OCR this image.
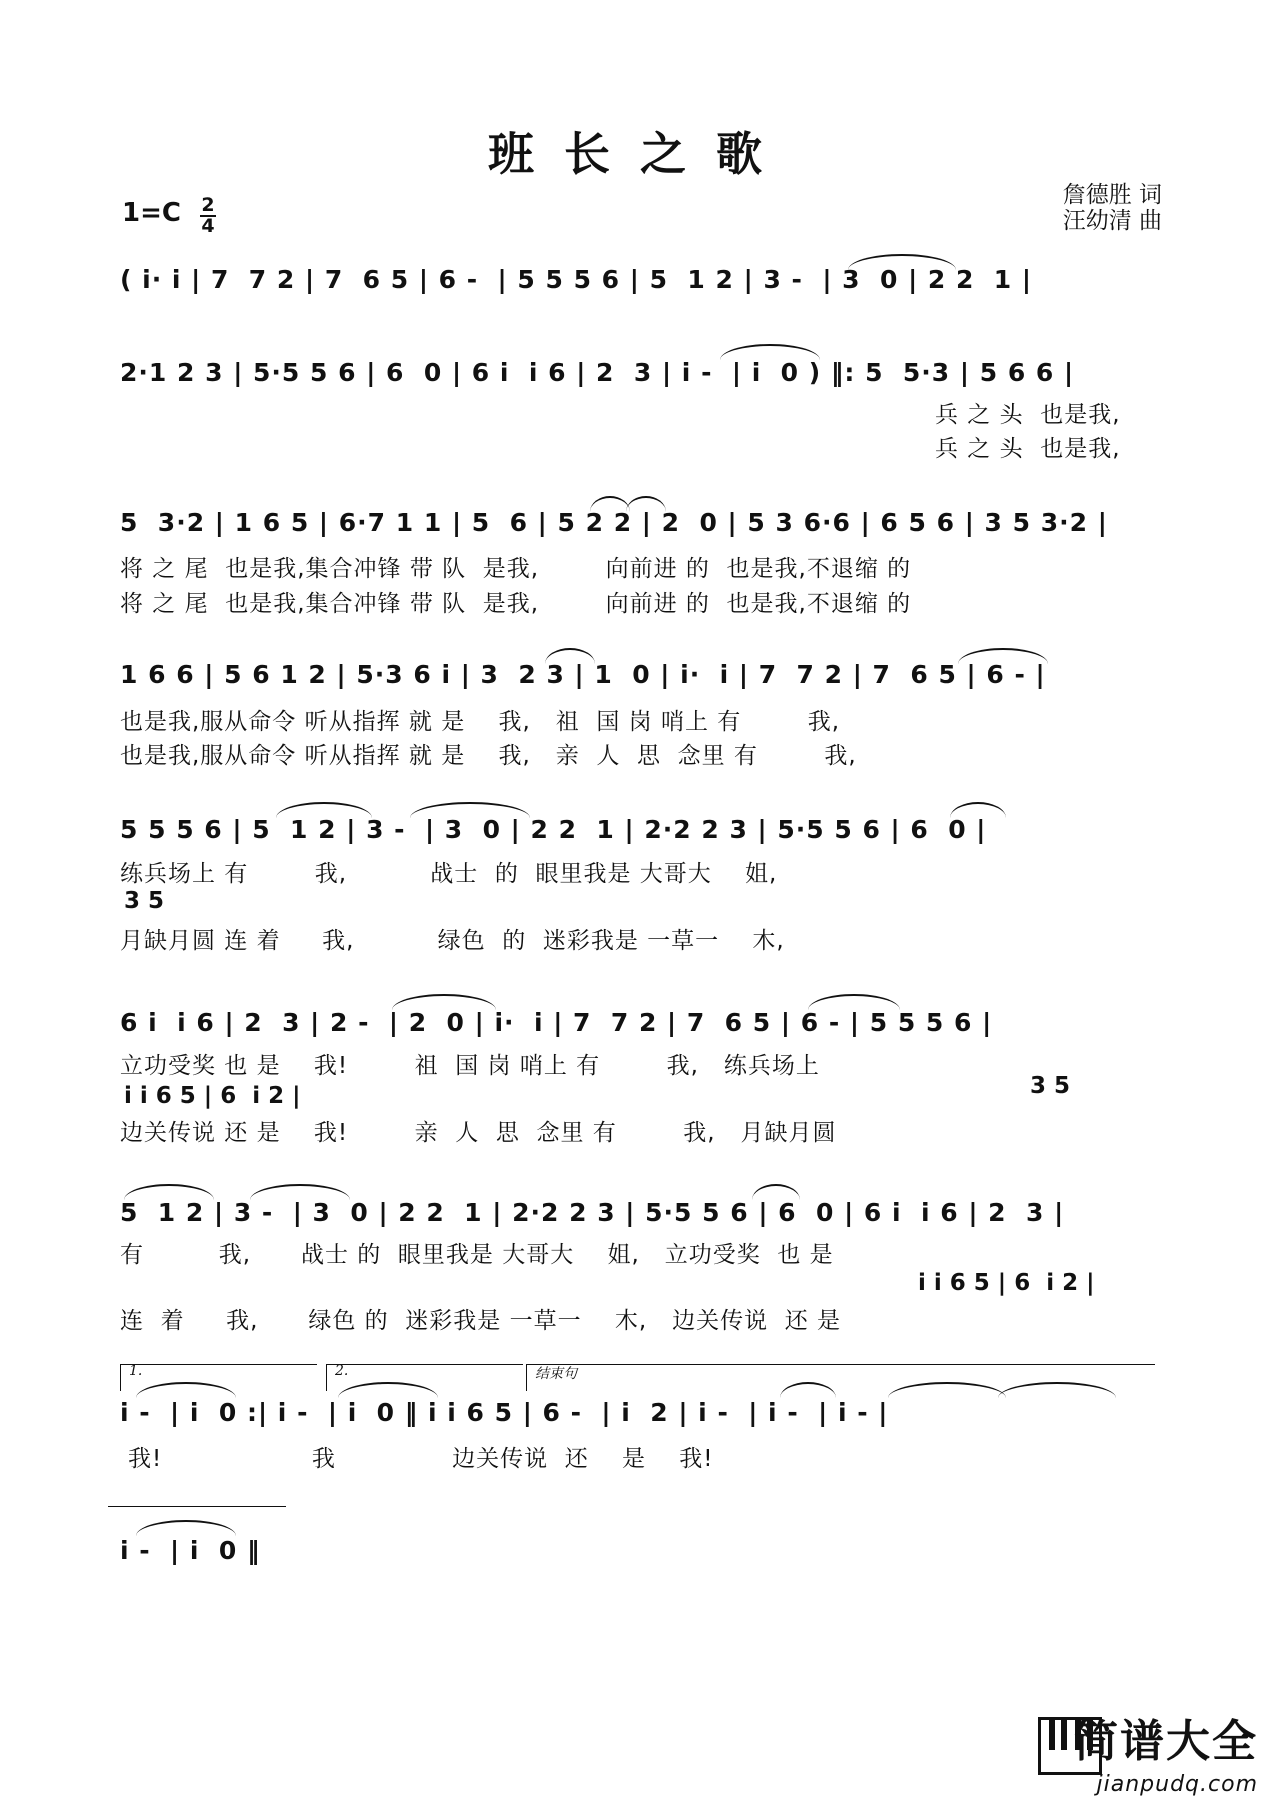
班长之歌
1=C 2
4
詹德胜 词
汪幼清 曲
( i· i | 7  7 2 | 7  6 5 | 6 -  | 5 5 5 6 | 5  1 2 | 3 -  | 3  0 | 2 2  1 |
2·1 2 3 | 5·5 5 6 | 6  0 | 6 i  i 6 | 2  3 | i -  | i  0 ) ‖: 5  5·3 | 5 6 6 |
兵 之 头  也是我,
兵 之 头  也是我,
5  3·2 | 1 6 5 | 6·7 1 1 | 5  6 | 5 2 2 | 2  0 | 5 3 6·6 | 6 5 6 | 3 5 3·2 |
将 之 尾  也是我,集合冲锋 带 队  是我,        向前进 的  也是我,不退缩 的
将 之 尾  也是我,集合冲锋 带 队  是我,        向前进 的  也是我,不退缩 的
1 6 6 | 5 6 1 2 | 5·3 6 i | 3  2 3 | 1  0 | i·  i | 7  7 2 | 7  6 5 | 6 - |
也是我,服从命令 听从指挥 就 是    我,   祖  国 岗 哨上 有        我,
也是我,服从命令 听从指挥 就 是    我,   亲  人  思  念里 有        我,
5 5 5 6 | 5  1 2 | 3 -  | 3  0 | 2 2  1 | 2·2 2 3 | 5·5 5 6 | 6  0 |
练兵场上 有        我,          战士  的  眼里我是 大哥大    姐,
3 5
月缺月圆 连 着     我,          绿色  的  迷彩我是 一草一    木,
6 i  i 6 | 2  3 | 2 -  | 2  0 | i·  i | 7  7 2 | 7  6 5 | 6 - | 5 5 5 6 |
立功受奖 也 是    我!        祖  国 岗 哨上 有        我,   练兵场上
i i 6 5 | 6  i 2 |	3 5
边关传说 还 是    我!        亲  人  思  念里 有        我,   月缺月圆
5  1 2 | 3 -  | 3  0 | 2 2  1 | 2·2 2 3 | 5·5 5 6 | 6  0 | 6 i  i 6 | 2  3 |
有         我,      战士 的  眼里我是 大哥大    姐,   立功受奖  也 是
i i 6 5 | 6  i 2 |
连  着     我,      绿色 的  迷彩我是 一草一    木,   边关传说  还 是
1.	2.	结束句
i -  | i  0 :| i -  | i  0 ‖ i i 6 5 | 6 -  | i  2 | i -  | i -  | i - |
我!                  我              边关传说  还    是    我!
i -  | i  0 ‖
简谱大全
jianpudq.com
